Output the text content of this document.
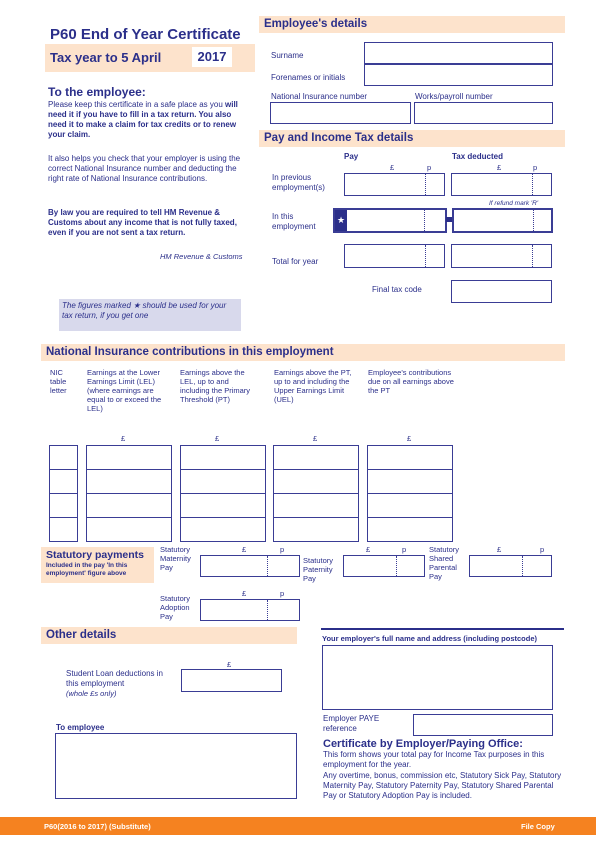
P60 End of Year Certificate
Tax year to 5 April	2017
To the employee:
Please keep this certificate in a safe place as you will need it if you have to fill in a tax return. You also need it to make a claim for tax credits or to renew your claim.
It also helps you check that your employer is using the correct National Insurance number and deducting the right rate of National Insurance contributions.
By law you are required to tell HM Revenue & Customs about any income that is not fully taxed, even if you are not sent a tax return.
HM Revenue & Customs
The figures marked ★ should be used for your tax return, if you get one
Employee's details
Surname
Forenames or initials
National Insurance number	Works/payroll number
Pay and Income Tax details
Pay	Tax deducted
£	p	£	p
In previous employment(s)
If refund mark 'R'
In this employment
★
Total for year
Final tax code
National Insurance contributions in this employment
NIC table letter
Earnings at the Lower Earnings Limit (LEL) (where earnings are equal to or exceed the LEL)
Earnings above the LEL, up to and including the Primary Threshold (PT)
Earnings above the PT, up to and including the Upper Earnings Limit (UEL)
Employee's contributions due on all earnings above the PT
£	£	£	£
Statutory payments
Included in the pay 'In this employment' figure above
Statutory Maternity Pay
£	p
Statutory Paternity Pay
£	p	Statutory Shared Parental Pay
£	p
Statutory Adoption Pay
£	p
Other details
£
Student Loan deductions in this employment
(whole £s only)
To employee
Your employer's full name and address (including postcode)
Employer PAYE reference
Certificate by Employer/Paying Office:
This form shows your total pay for Income Tax purposes in this employment for the year.
Any overtime, bonus, commission etc, Statutory Sick Pay, Statutory Maternity Pay, Statutory Paternity Pay, Statutory Shared Parental Pay or Statutory Adoption Pay is included.
P60(2016 to 2017) (Substitute)	File Copy
